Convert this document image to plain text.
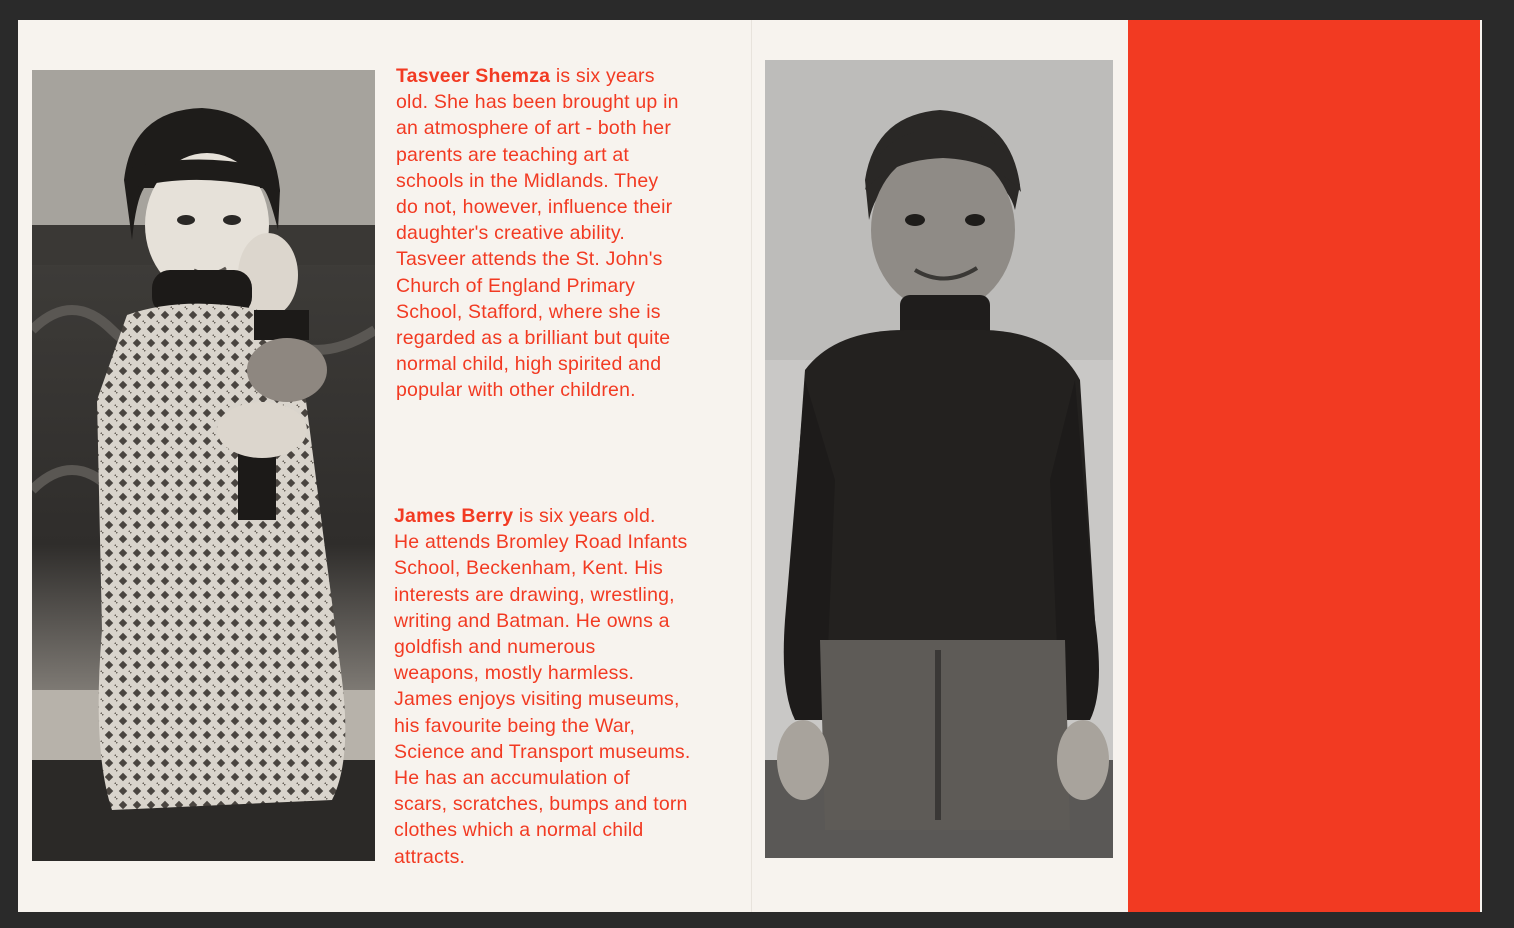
Tasveer Shemza is six years
old. She has been brought up in
an atmosphere of art - both her
parents are teaching art at
schools in the Midlands. They
do not, however, influence their
daughter's creative ability.
Tasveer attends the St. John's
Church of England Primary
School, Stafford, where she is
regarded as a brilliant but quite
normal child, high spirited and
popular with other children.
James Berry is six years old.
He attends Bromley Road Infants
School, Beckenham, Kent. His
interests are drawing, wrestling,
writing and Batman. He owns a
goldfish and numerous
weapons, mostly harmless.
James enjoys visiting museums,
his favourite being the War,
Science and Transport museums.
He has an accumulation of
scars, scratches, bumps and torn
clothes which a normal child
attracts.
